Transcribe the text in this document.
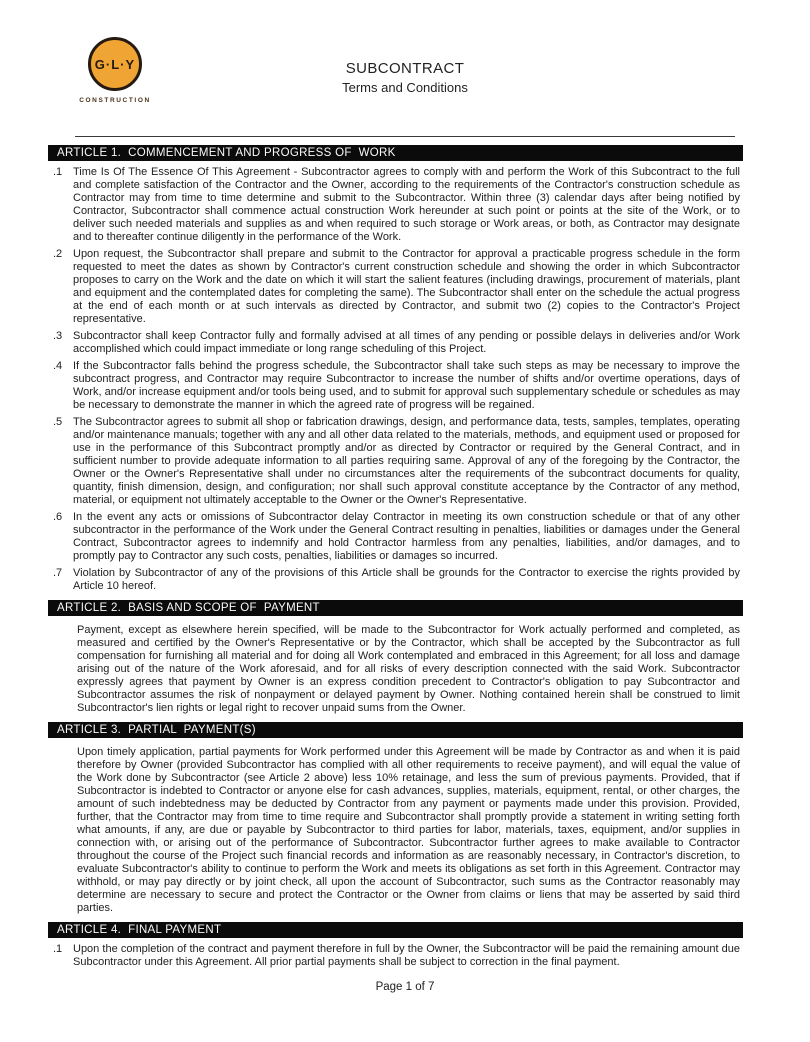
G·L·Y
CONSTRUCTION
SUBCONTRACT
Terms and Conditions
ARTICLE 1.  COMMENCEMENT AND PROGRESS OF  WORK
.1 Time Is Of The Essence Of This Agreement - Subcontractor agrees to comply with and perform the Work of this Subcontract to the full and complete satisfaction of the Contractor and the Owner, according to the requirements of the Contractor's construction schedule as Contractor may from time to time determine and submit to the Subcontractor. Within three (3) calendar days after being notified by Contractor, Subcontractor shall commence actual construction Work hereunder at such point or points at the site of the Work, or to deliver such needed materials and supplies as and when required to such storage or Work areas, or both, as Contractor may designate and to thereafter continue diligently in the performance of the Work.
.2 Upon request, the Subcontractor shall prepare and submit to the Contractor for approval a practicable progress schedule in the form requested to meet the dates as shown by Contractor's current construction schedule and showing the order in which Subcontractor proposes to carry on the Work and the date on which it will start the salient features (including drawings, procurement of materials, plant and equipment and the contemplated dates for completing the same). The Subcontractor shall enter on the schedule the actual progress at the end of each month or at such intervals as directed by Contractor, and submit two (2) copies to the Contractor's Project representative.
.3 Subcontractor shall keep Contractor fully and formally advised at all times of any pending or possible delays in deliveries and/or Work accomplished which could impact immediate or long range scheduling of this Project.
.4 If the Subcontractor falls behind the progress schedule, the Subcontractor shall take such steps as may be necessary to improve the subcontract progress, and Contractor may require Subcontractor to increase the number of shifts and/or overtime operations, days of Work, and/or increase equipment and/or tools being used, and to submit for approval such supplementary schedule or schedules as may be necessary to demonstrate the manner in which the agreed rate of progress will be regained.
.5 The Subcontractor agrees to submit all shop or fabrication drawings, design, and performance data, tests, samples, templates, operating and/or maintenance manuals; together with any and all other data related to the materials, methods, and equipment used or proposed for use in the performance of this Subcontract promptly and/or as directed by Contractor or required by the General Contract, and in sufficient number to provide adequate information to all parties requiring same. Approval of any of the foregoing by the Contractor, the Owner or the Owner's Representative shall under no circumstances alter the requirements of the subcontract documents for quality, quantity, finish dimension, design, and configuration; nor shall such approval constitute acceptance by the Contractor of any method, material, or equipment not ultimately acceptable to the Owner or the Owner's Representative.
.6 In the event any acts or omissions of Subcontractor delay Contractor in meeting its own construction schedule or that of any other subcontractor in the performance of the Work under the General Contract resulting in penalties, liabilities or damages under the General Contract, Subcontractor agrees to indemnify and hold Contractor harmless from any penalties, liabilities, and/or damages, and to promptly pay to Contractor any such costs, penalties, liabilities or damages so incurred.
.7 Violation by Subcontractor of any of the provisions of this Article shall be grounds for the Contractor to exercise the rights provided by Article 10 hereof.
ARTICLE 2.  BASIS AND SCOPE OF  PAYMENT
Payment, except as elsewhere herein specified, will be made to the Subcontractor for Work actually performed and completed, as measured and certified by the Owner's Representative or by the Contractor, which shall be accepted by the Subcontractor as full compensation for furnishing all material and for doing all Work contemplated and embraced in this Agreement; for all loss and damage arising out of the nature of the Work aforesaid, and for all risks of every description connected with the said Work. Subcontractor expressly agrees that payment by Owner is an express condition precedent to Contractor's obligation to pay Subcontractor and Subcontractor assumes the risk of nonpayment or delayed payment by Owner. Nothing contained herein shall be construed to limit Subcontractor's lien rights or legal right to recover unpaid sums from the Owner.
ARTICLE 3.  PARTIAL  PAYMENT(S)
Upon timely application, partial payments for Work performed under this Agreement will be made by Contractor as and when it is paid therefore by Owner (provided Subcontractor has complied with all other requirements to receive payment), and will equal the value of the Work done by Subcontractor (see Article 2 above) less 10% retainage, and less the sum of previous payments. Provided, that if Subcontractor is indebted to Contractor or anyone else for cash advances, supplies, materials, equipment, rental, or other charges, the amount of such indebtedness may be deducted by Contractor from any payment or payments made under this provision. Provided, further, that the Contractor may from time to time require and Subcontractor shall promptly provide a statement in writing setting forth what amounts, if any, are due or payable by Subcontractor to third parties for labor, materials, taxes, equipment, and/or supplies in connection with, or arising out of the performance of Subcontractor. Subcontractor further agrees to make available to Contractor throughout the course of the Project such financial records and information as are reasonably necessary, in Contractor's discretion, to evaluate Subcontractor's ability to continue to perform the Work and meets its obligations as set forth in this Agreement. Contractor may withhold, or may pay directly or by joint check, all upon the account of Subcontractor, such sums as the Contractor reasonably may determine are necessary to secure and protect the Contractor or the Owner from claims or liens that may be asserted by said third parties.
ARTICLE 4.  FINAL PAYMENT
.1 Upon the completion of the contract and payment therefore in full by the Owner, the Subcontractor will be paid the remaining amount due Subcontractor under this Agreement. All prior partial payments shall be subject to correction in the final payment.
Page 1 of 7
